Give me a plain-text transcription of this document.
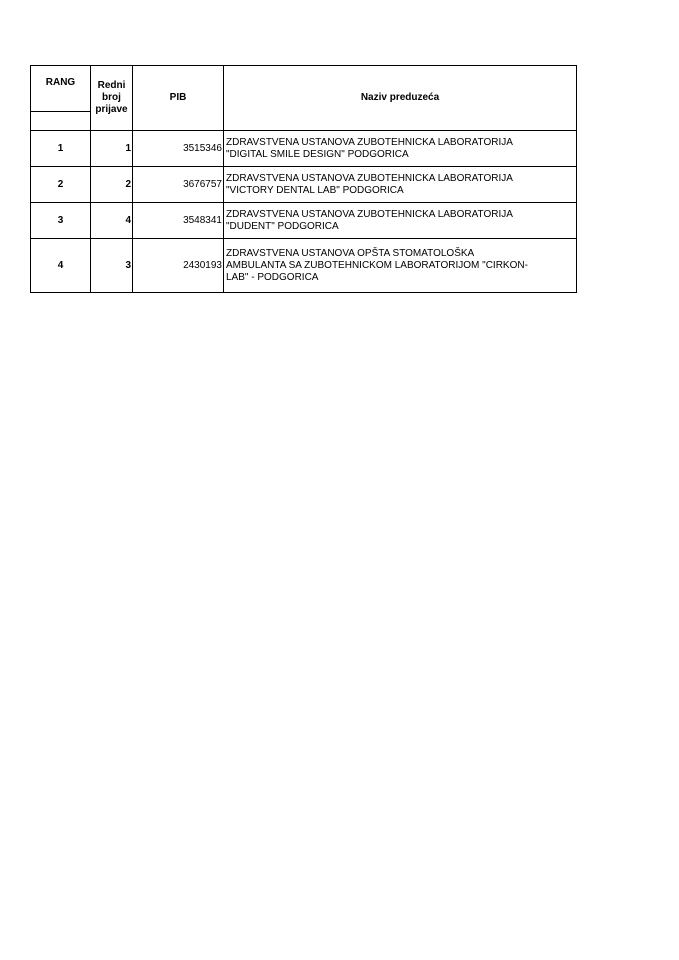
RANG	Redni
broj
prijave	PIB	Naziv preduzeća

1	1	3515346	ZDRAVSTVENA USTANOVA ZUBOTEHNICKA LABORATORIJA
"DIGITAL SMILE DESIGN" PODGORICA
2	2	3676757	ZDRAVSTVENA USTANOVA ZUBOTEHNICKA LABORATORIJA
"VICTORY DENTAL LAB" PODGORICA
3	4	3548341	ZDRAVSTVENA USTANOVA ZUBOTEHNICKA LABORATORIJA
"DUDENT" PODGORICA
4	3	2430193	ZDRAVSTVENA USTANOVA OPŠTA STOMATOLOŠKA
AMBULANTA SA ZUBOTEHNICKOM LABORATORIJOM "CIRKON-
LAB" - PODGORICA
